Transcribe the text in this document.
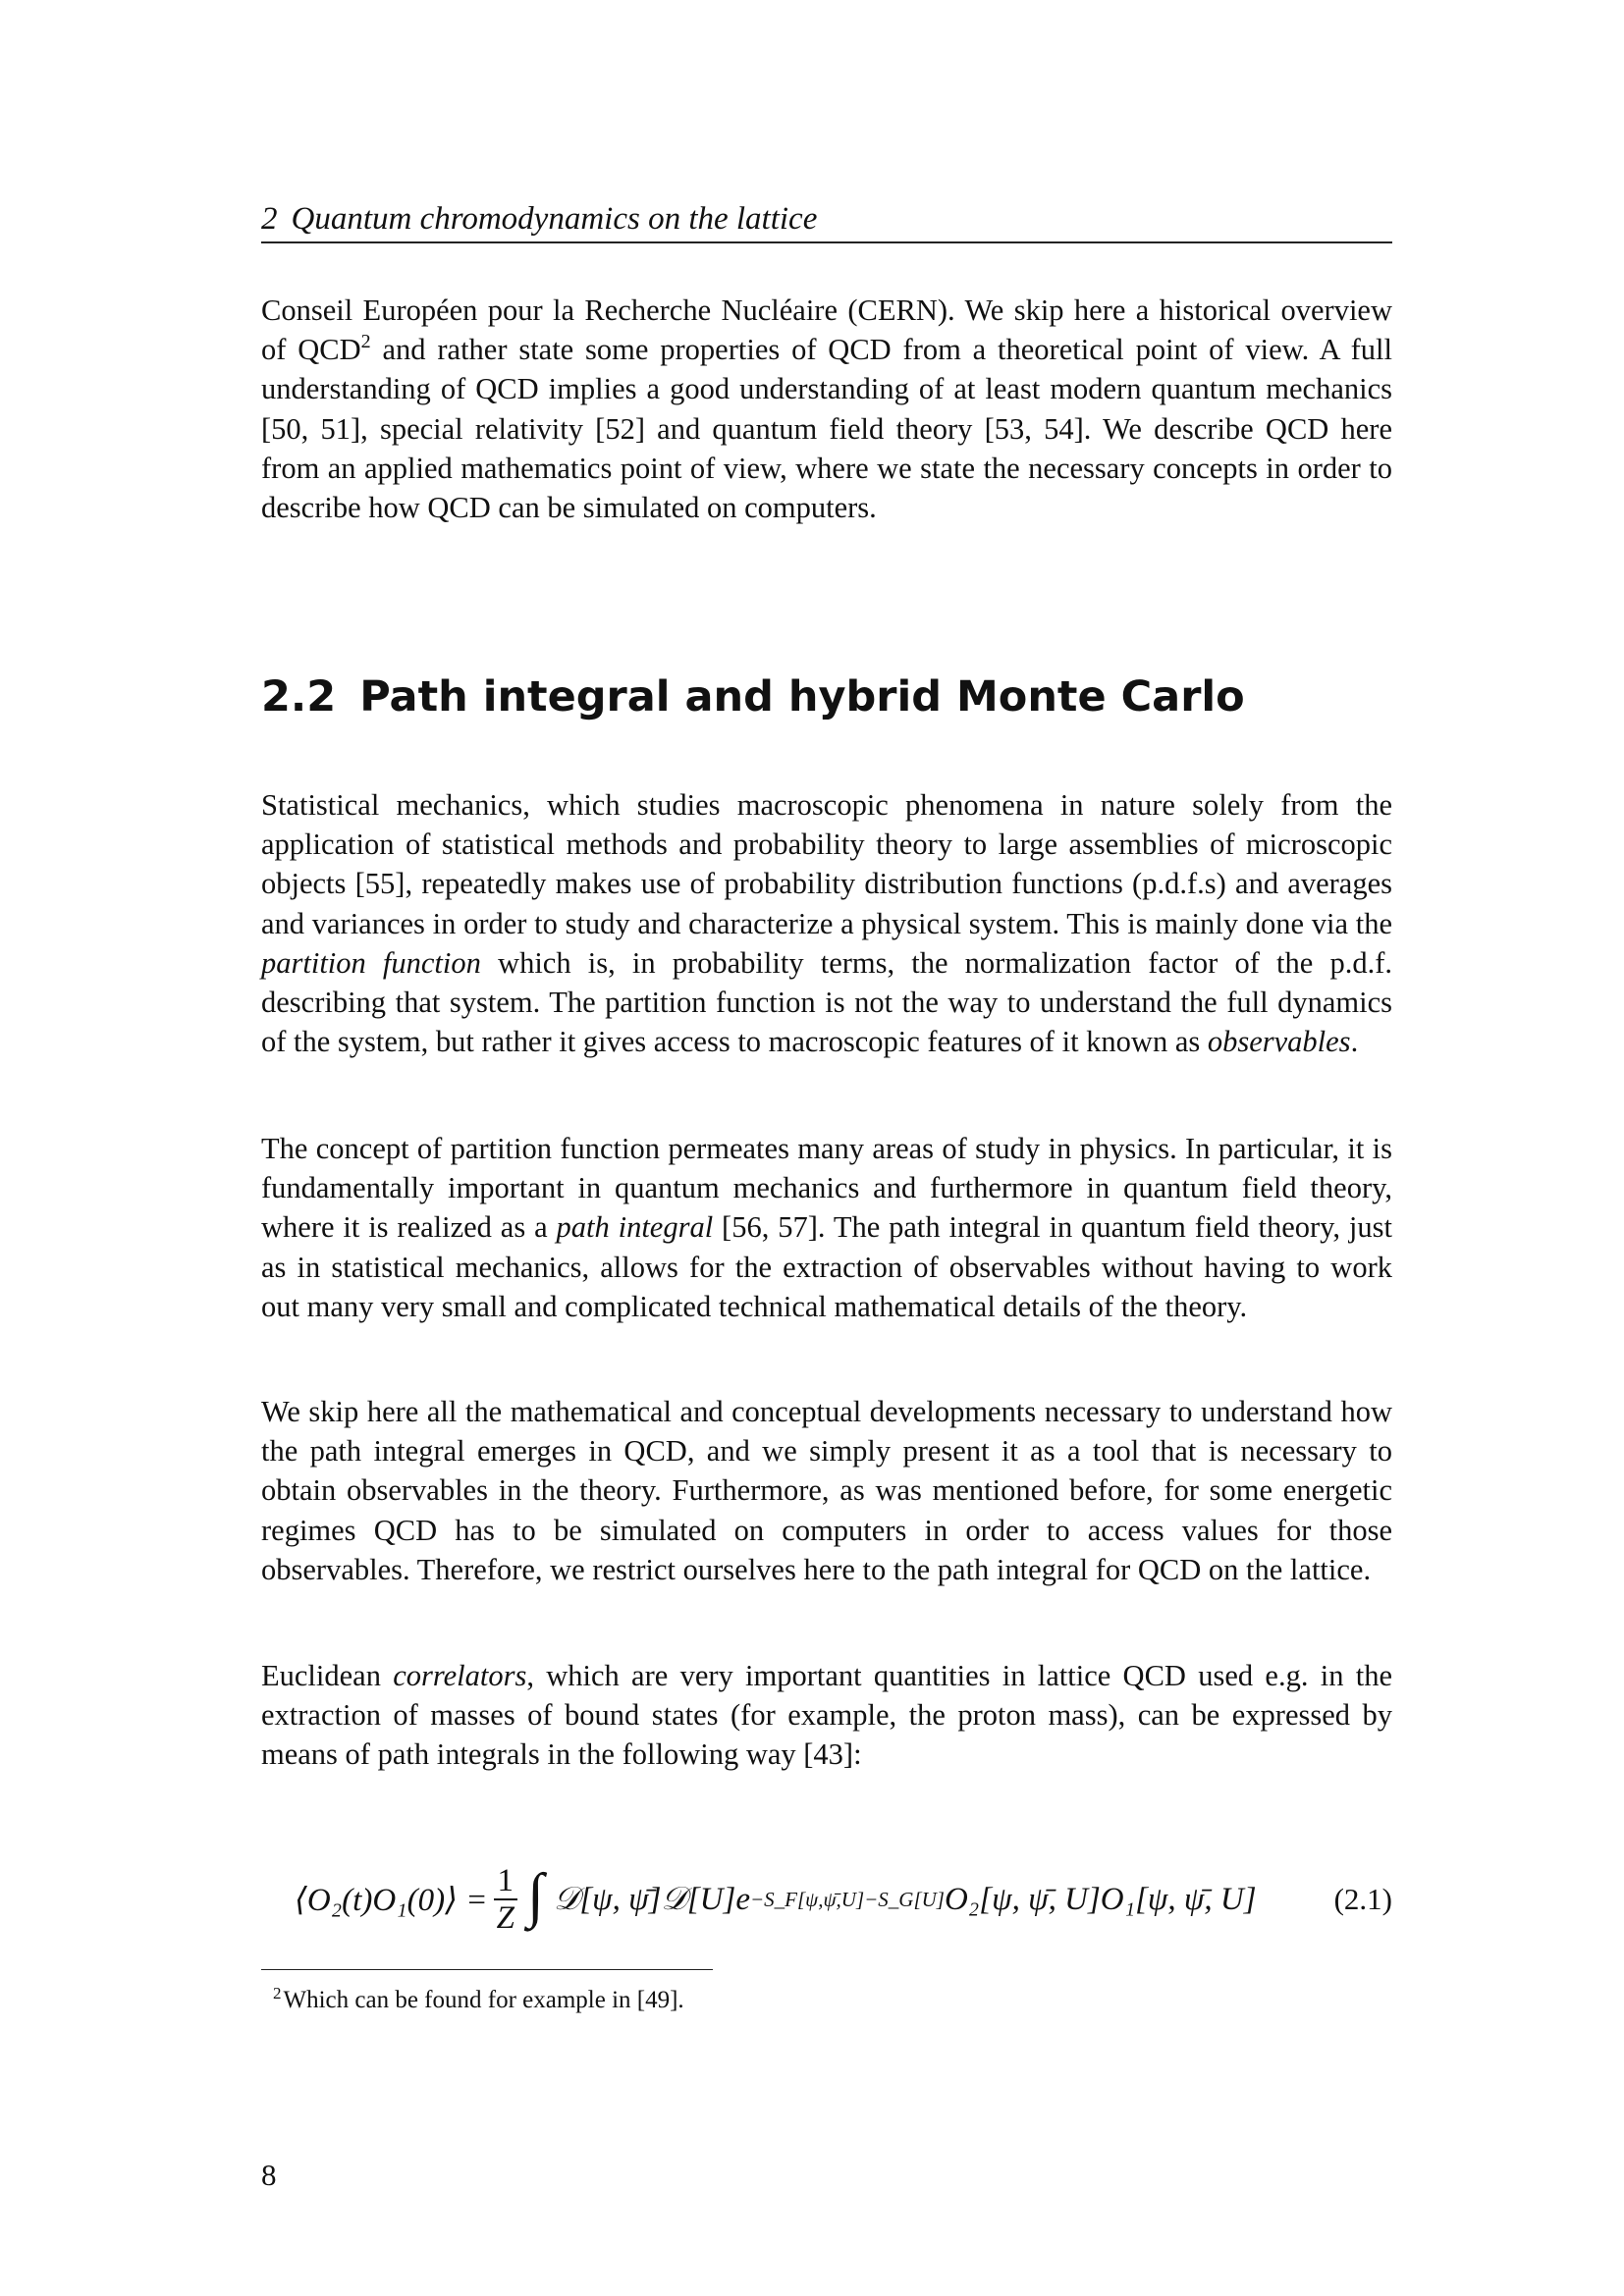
2 Quantum chromodynamics on the lattice

Conseil Européen pour la Recherche Nucléaire (CERN). We skip here a historical overview of QCD$^2$ and rather state some properties of QCD from a theoretical point of view. A full understanding of QCD implies a good understanding of at least modern quantum mechanics [50, 51], special relativity [52] and quantum field theory [53, 54]. We describe QCD here from an applied mathematics point of view, where we state the necessary concepts in order to describe how QCD can be simulated on computers.

2.2 Path integral and hybrid Monte Carlo

Statistical mechanics, which studies macroscopic phenomena in nature solely from the application of statistical methods and probability theory to large assemblies of microscopic objects [55], repeatedly makes use of probability distribution functions (p.d.f.s) and averages and variances in order to study and characterize a physical system. This is mainly done via the partition function which is, in probability terms, the normalization factor of the p.d.f. describing that system. The partition function is not the way to understand the full dynamics of the system, but rather it gives access to macroscopic features of it known as observables.

The concept of partition function permeates many areas of study in physics. In particular, it is fundamentally important in quantum mechanics and furthermore in quantum field theory, where it is realized as a path integral [56, 57]. The path integral in quantum field theory, just as in statistical mechanics, allows for the extraction of observables without having to work out many very small and complicated technical mathematical details of the theory.

We skip here all the mathematical and conceptual developments necessary to understand how the path integral emerges in QCD, and we simply present it as a tool that is necessary to obtain observables in the theory. Furthermore, as was mentioned before, for some energetic regimes QCD has to be simulated on computers in order to access values for those observables. Therefore, we restrict ourselves here to the path integral for QCD on the lattice.

Euclidean correlators, which are very important quantities in lattice QCD used e.g. in the extraction of masses of bound states (for example, the proton mass), can be expressed by means of path integrals in the following way [43]:

⟨O₂(t)O₁(0)⟩ = $\frac{1}{Z}$ ∫ 𝒟[ψ, ψ̄]𝒟[U]e −S_F[ψ,ψ̄,U]−S_G[U] O₂[ψ, ψ̄, U]O₁[ψ, ψ̄, U]	(2.1)
$^2$Which can be found for example in [49].
8
